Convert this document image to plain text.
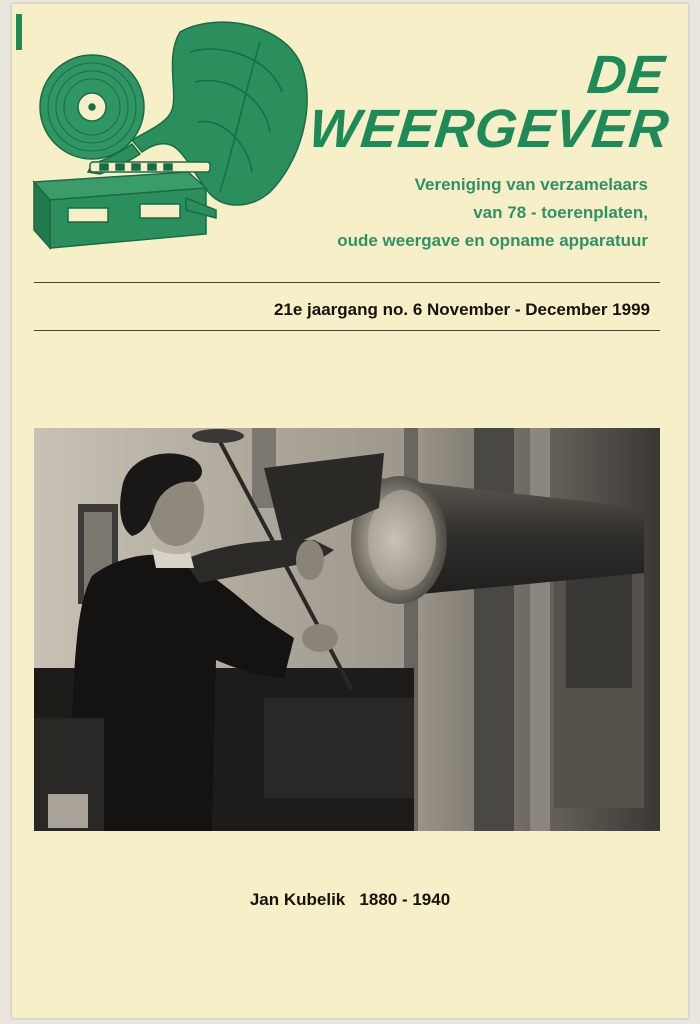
DE WEERGEVER
Vereniging van verzamelaars
van 78 - toerenplaten,
oude weergave en opname apparatuur
21e jaargang no. 6 November - December 1999
Jan Kubelik   1880 - 1940
